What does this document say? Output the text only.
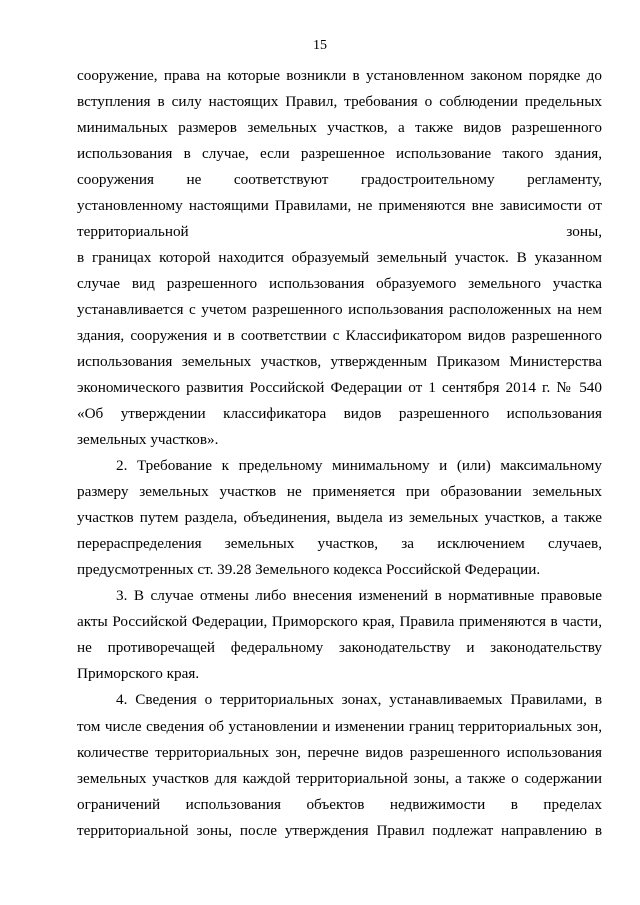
15
сооружение, права на которые возникли в установленном законом порядке до
вступления в силу настоящих Правил, требования о соблюдении предельных
минимальных размеров земельных участков, а также видов разрешенного
использования в случае, если разрешенное использование такого здания,
сооружения не соответствуют градостроительному регламенту,
установленному настоящими Правилами, не применяются вне зависимости от
территориальной зоны,
в границах которой находится образуемый земельный участок. В указанном
случае вид разрешенного использования образуемого земельного участка
устанавливается с учетом разрешенного использования расположенных на нем
здания, сооружения и в соответствии с Классификатором видов разрешенного
использования земельных участков, утвержденным Приказом Министерства
экономического развития Российской Федерации от 1 сентября 2014 г. № 540
«Об утверждении классификатора видов разрешенного использования
земельных участков».
2. Требование к предельному минимальному и (или) максимальному
размеру земельных участков не применяется при образовании земельных
участков путем раздела, объединения, выдела из земельных участков, а также
перераспределения земельных участков, за исключением случаев,
предусмотренных ст. 39.28 Земельного кодекса Российской Федерации.
3. В случае отмены либо внесения изменений в нормативные правовые
акты Российской Федерации, Приморского края, Правила применяются в части,
не противоречащей федеральному законодательству и законодательству
Приморского края.
4. Сведения о территориальных зонах, устанавливаемых Правилами, в
том числе сведения об установлении и изменении границ территориальных зон,
количестве территориальных зон, перечне видов разрешенного использования
земельных участков для каждой территориальной зоны, а также о содержании
ограничений использования объектов недвижимости в пределах
территориальной зоны, после утверждения Правил подлежат направлению в
